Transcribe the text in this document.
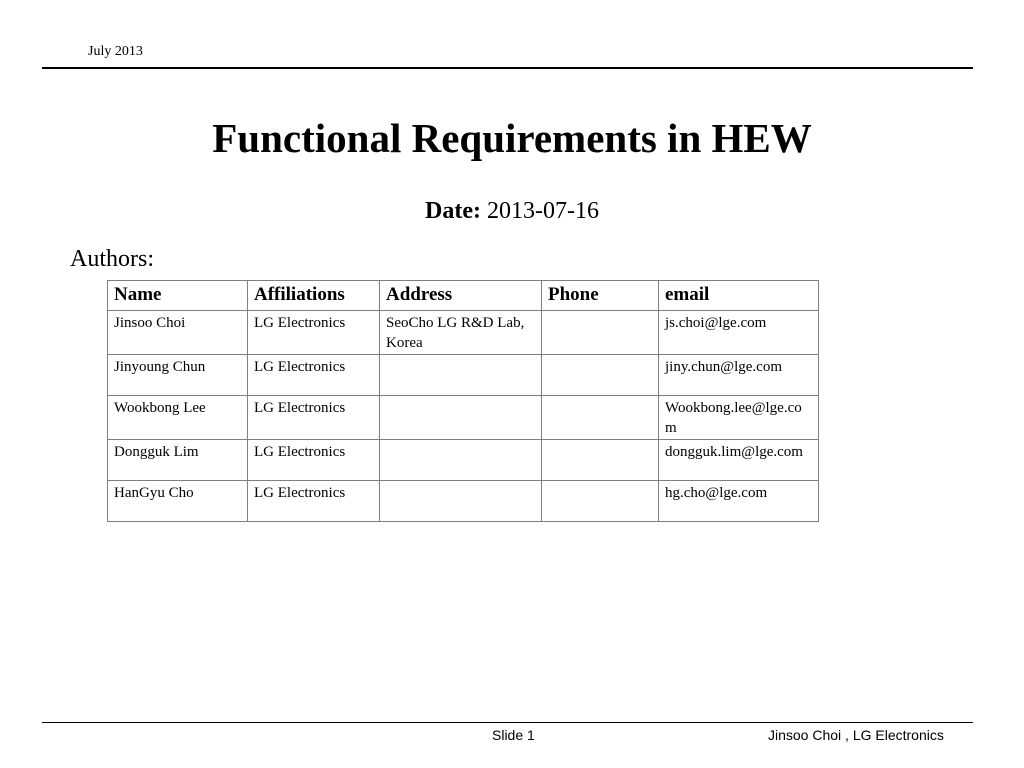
July 2013
Functional Requirements in HEW
Date: 2013-07-16
Authors:
Name	Affiliations	Address	Phone	email
Jinsoo Choi	LG Electronics	SeoCho LG R&D Lab, Korea		js.choi@lge.com
Jinyoung Chun	LG Electronics			jiny.chun@lge.com
Wookbong Lee	LG Electronics			Wookbong.lee@lge.com
Dongguk Lim	LG Electronics			dongguk.lim@lge.com
HanGyu Cho	LG Electronics			hg.cho@lge.com
Slide 1	Jinsoo Choi , LG Electronics
